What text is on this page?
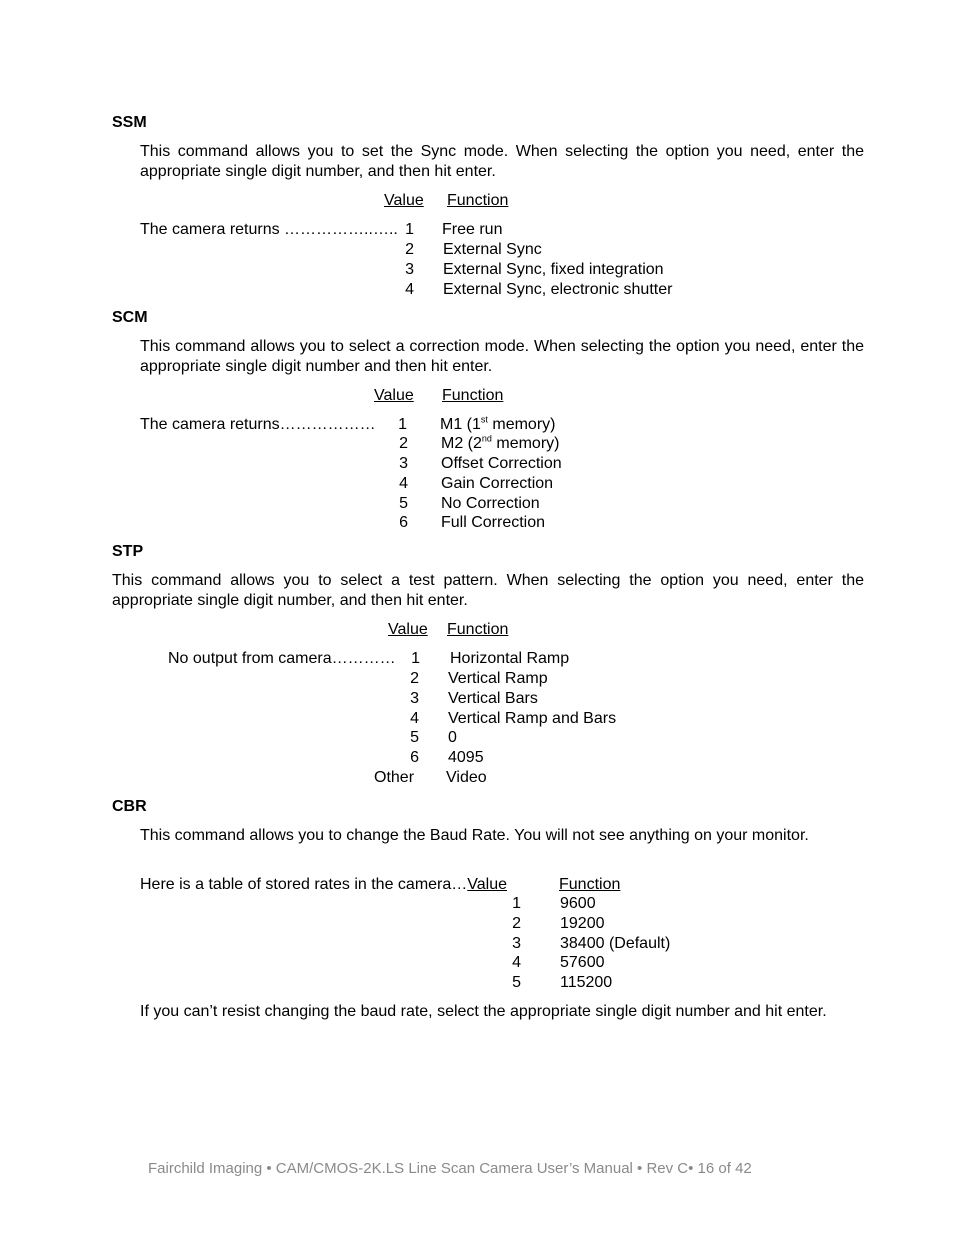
SSM
This command allows you to set the Sync mode. When selecting the option you need, enter the appropriate single digit number, and then hit enter.
Value Function
The camera returns ……………..….. 1 Free run
2 External Sync
3 External Sync, fixed integration
4 External Sync, electronic shutter
SCM
This command allows you to select a correction mode. When selecting the option you need, enter the appropriate single digit number and then hit enter.
Value Function
The camera returns………………	1 M1 (1st memory)
2 M2 (2nd memory)
3 Offset Correction
4 Gain Correction
5 No Correction
6 Full Correction
STP
This command allows you to select a test pattern. When selecting the option you need, enter the appropriate single digit number, and then hit enter.
Value Function
No output from camera………… 1 Horizontal Ramp
2 Vertical Ramp
3 Vertical Bars
4 Vertical Ramp and Bars
5 0
6 4095
Other Video
CBR
This command allows you to change the Baud Rate. You will not see anything on your monitor.
Here is a table of stored rates in the camera…Value	Function
1 9600
2 19200
3 38400 (Default)
4 57600
5 115200
If you can’t resist changing the baud rate, select the appropriate single digit number and hit enter.
Fairchild Imaging • CAM/CMOS-2K.LS Line Scan Camera User’s Manual • Rev C• 16 of 42
